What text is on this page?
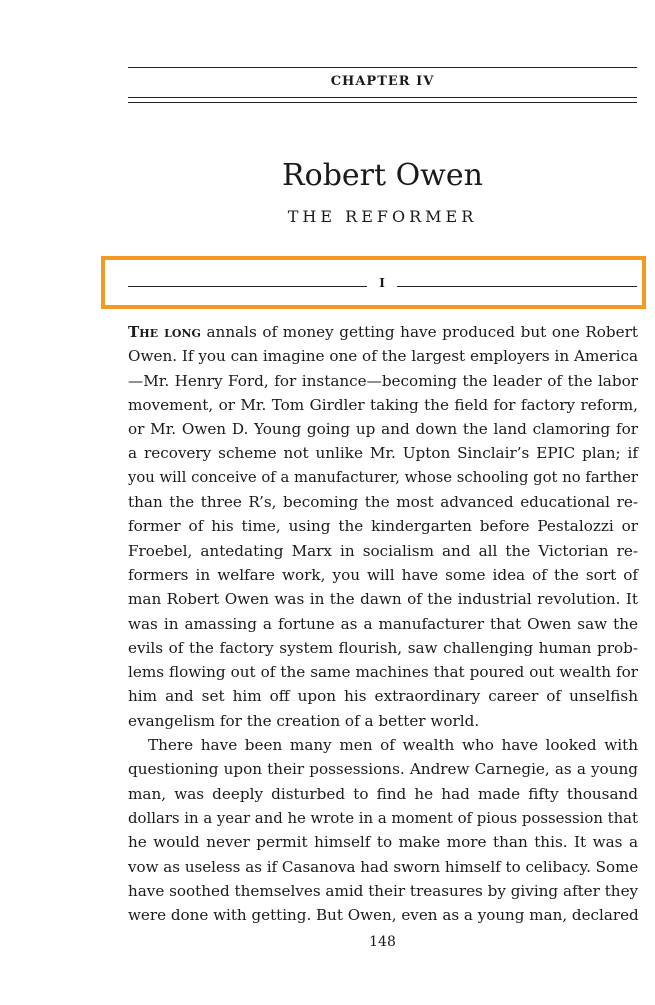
CHAPTER IV
Robert Owen
THE REFORMER
I
The long annals of money getting have produced but one Robert
Owen. If you can imagine one of the largest employers in America
—Mr. Henry Ford, for instance—becoming the leader of the labor
movement, or Mr. Tom Girdler taking the field for factory reform,
or Mr. Owen D. Young going up and down the land clamoring for
a recovery scheme not unlike Mr. Upton Sinclair’s EPIC plan; if
you will conceive of a manufacturer, whose schooling got no farther
than the three R’s, becoming the most advanced educational re-
former of his time, using the kindergarten before Pestalozzi or
Froebel, antedating Marx in socialism and all the Victorian re-
formers in welfare work, you will have some idea of the sort of
man Robert Owen was in the dawn of the industrial revolution. It
was in amassing a fortune as a manufacturer that Owen saw the
evils of the factory system flourish, saw challenging human prob-
lems flowing out of the same machines that poured out wealth for
him and set him off upon his extraordinary career of unselfish
evangelism for the creation of a better world.
There have been many men of wealth who have looked with
questioning upon their possessions. Andrew Carnegie, as a young
man, was deeply disturbed to find he had made fifty thousand
dollars in a year and he wrote in a moment of pious possession that
he would never permit himself to make more than this. It was a
vow as useless as if Casanova had sworn himself to celibacy. Some
have soothed themselves amid their treasures by giving after they
were done with getting. But Owen, even as a young man, declared
148
